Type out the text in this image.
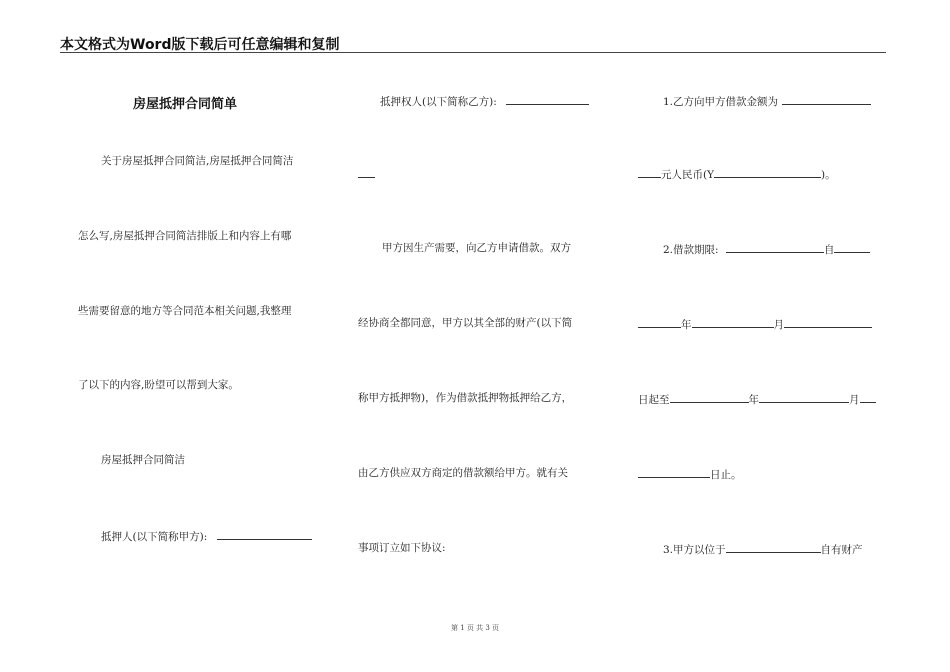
本文格式为Word版下载后可任意编辑和复制
房屋抵押合同简单
关于房屋抵押合同简洁,房屋抵押合同简洁
怎么写,房屋抵押合同简洁排版上和内容上有哪
些需要留意的地方等合同范本相关问题,我整理
了以下的内容,盼望可以帮到大家。
房屋抵押合同简洁
抵押人(以下简称甲方):
抵押权人(以下简称乙方):
甲方因生产需要，向乙方申请借款。双方
经协商全都同意，甲方以其全部的财产(以下简
称甲方抵押物)，作为借款抵押物抵押给乙方，
由乙方供应双方商定的借款额给甲方。就有关
事项订立如下协议:
1.乙方向甲方借款金额为
元人民币(Y	)。
2.借款期限:	自
年	月
日起至	年	月
日止。
3.甲方以位于	自有财产
第 1 页 共 3 页
